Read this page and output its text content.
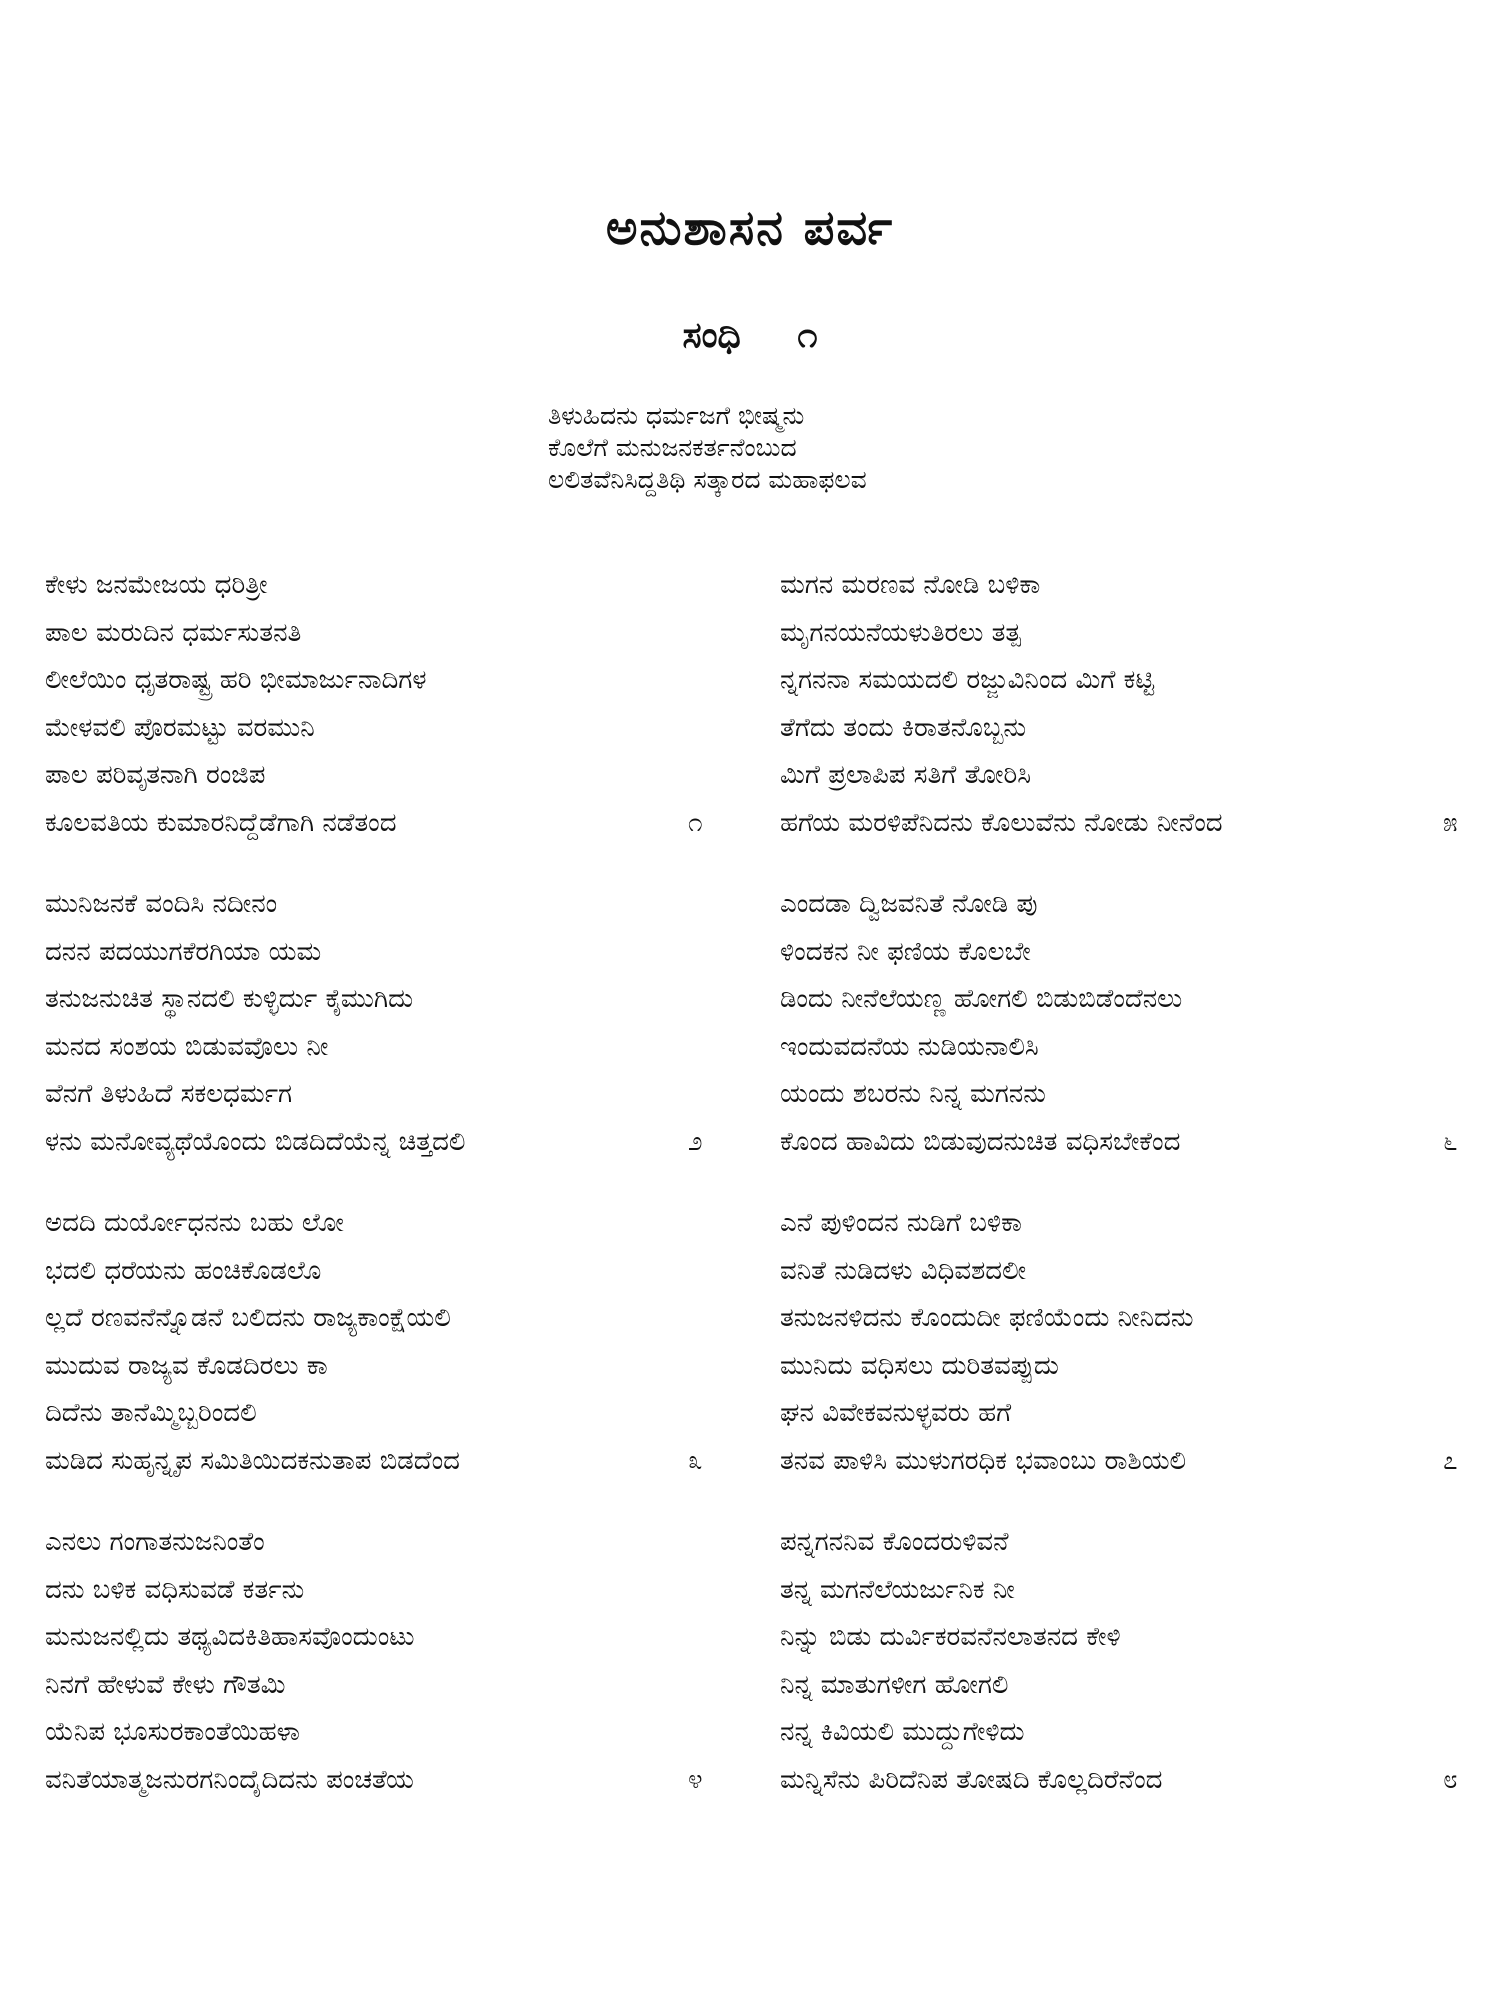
ಅನುಶಾಸನ ಪರ್ವ
ಸಂಧಿ ೧
ತಿಳುಹಿದನು ಧರ್ಮಜಗೆ ಭೀಷ್ಮನು
ಕೊಲೆಗೆ ಮನುಜನಕರ್ತನೆಂಬುದ
ಲಲಿತವೆನಿಸಿದ್ದತಿಥಿ ಸತ್ಕಾರದ ಮಹಾಫಲವ
ಕೇಳು ಜನಮೇಜಯ ಧರಿತ್ರೀ
ಪಾಲ ಮರುದಿನ ಧರ್ಮಸುತನತಿ
ಲೀಲೆಯಿಂ ಧೃತರಾಷ್ಟ್ರ ಹರಿ ಭೀಮಾರ್ಜುನಾದಿಗಳ
ಮೇಳವಲಿ ಪೊರಮಟ್ಟು ವರಮುನಿ
ಪಾಲ ಪರಿವೃತನಾಗಿ ರಂಜಿಪ
ಕೂಲವತಿಯ ಕುಮಾರನಿದ್ದೆಡೆಗಾಗಿ ನಡೆತಂದ	೧
ಮುನಿಜನಕೆ ವಂದಿಸಿ ನದೀನಂ
ದನನ ಪದಯುಗಕೆರಗಿಯಾ ಯಮ
ತನುಜನುಚಿತ ಸ್ಥಾನದಲಿ ಕುಳ್ಳಿರ್ದು ಕೈಮುಗಿದು
ಮನದ ಸಂಶಯ ಬಿಡುವವೊಲು ನೀ
ವೆನಗೆ ತಿಳುಹಿದೆ ಸಕಲಧರ್ಮಗ
ಳನು ಮನೋವ್ಯಥೆಯೊಂದು ಬಿಡದಿದೆಯೆನ್ನ ಚಿತ್ತದಲಿ	೨
ಅದದಿ ದುರ್ಯೋಧನನು ಬಹು ಲೋ
ಭದಲಿ ಧರೆಯನು ಹಂಚಿಕೊಡಲೊ
ಲ್ಲದೆ ರಣವನೆನ್ನೊಡನೆ ಬಲಿದನು ರಾಜ್ಯಕಾಂಕ್ಷೆಯಲಿ
ಮುದುವ ರಾಜ್ಯವ ಕೊಡದಿರಲು ಕಾ
ದಿದೆನು ತಾನೆಮ್ಮಿಬ್ಬರಿಂದಲಿ
ಮಡಿದ ಸುಹೃನ್ನೃಪ ಸಮಿತಿಯಿದಕನುತಾಪ ಬಿಡದೆಂದ	೩
ಎನಲು ಗಂಗಾತನುಜನಿಂತೆಂ
ದನು ಬಳಿಕ ವಧಿಸುವಡೆ ಕರ್ತನು
ಮನುಜನಲ್ಲಿದು ತಥ್ಯವಿದಕಿತಿಹಾಸವೊಂದುಂಟು
ನಿನಗೆ ಹೇಳುವೆ ಕೇಳು ಗೌತಮಿ
ಯೆನಿಪ ಭೂಸುರಕಾಂತೆಯಿಹಳಾ
ವನಿತೆಯಾತ್ಮಜನುರಗನಿಂದೈದಿದನು ಪಂಚತೆಯ	೪
ಮಗನ ಮರಣವ ನೋಡಿ ಬಳಿಕಾ
ಮೃಗನಯನೆಯಳುತಿರಲು ತತ್ಪ
ನ್ನಗನನಾ ಸಮಯದಲಿ ರಜ್ಜುವಿನಿಂದ ಮಿಗೆ ಕಟ್ಟಿ
ತೆಗೆದು ತಂದು ಕಿರಾತನೊಬ್ಬನು
ಮಿಗೆ ಪ್ರಲಾಪಿಪ ಸತಿಗೆ ತೋರಿಸಿ
ಹಗೆಯ ಮರಳಿಪೆನಿದನು ಕೊಲುವೆನು ನೋಡು ನೀನೆಂದ	೫
ಎಂದಡಾ ದ್ವಿಜವನಿತೆ ನೋಡಿ ಪು
ಳಿಂದಕನ ನೀ ಫಣಿಯ ಕೊಲಬೇ
ಡಿಂದು ನೀನೆಲೆಯಣ್ಣ ಹೋಗಲಿ ಬಿಡುಬಿಡೆಂದೆನಲು
ಇಂದುವದನೆಯ ನುಡಿಯನಾಲಿಸಿ
ಯಂದು ಶಬರನು ನಿನ್ನ ಮಗನನು
ಕೊಂದ ಹಾವಿದು ಬಿಡುವುದನುಚಿತ ವಧಿಸಬೇಕೆಂದ	೬
ಎನೆ ಪುಳಿಂದನ ನುಡಿಗೆ ಬಳಿಕಾ
ವನಿತೆ ನುಡಿದಳು ವಿಧಿವಶದಲೀ
ತನುಜನಳಿದನು ಕೊಂದುದೀ ಫಣಿಯೆಂದು ನೀನಿದನು
ಮುನಿದು ವಧಿಸಲು ದುರಿತವಪ್ಪುದು
ಘನ ವಿವೇಕವನುಳ್ಳವರು ಹಗೆ
ತನವ ಪಾಳಿಸಿ ಮುಳುಗರಧಿಕ ಭವಾಂಬು ರಾಶಿಯಲಿ	೭
ಪನ್ನಗನನಿವ ಕೊಂದರುಳಿವನೆ
ತನ್ನ ಮಗನೆಲೆಯರ್ಜುನಿಕ ನೀ
ನಿನ್ನು ಬಿಡು ದುರ್ವಿಕರವನೆನಲಾತನದ ಕೇಳಿ
ನಿನ್ನ ಮಾತುಗಳೀಗ ಹೋಗಲಿ
ನನ್ನ ಕಿವಿಯಲಿ ಮುದ್ದುಗೇಳಿದು
ಮನ್ನಿಸೆನು ಪಿರಿದೆನಿಪ ತೋಷದಿ ಕೊಲ್ಲದಿರೆನೆಂದ	೮
